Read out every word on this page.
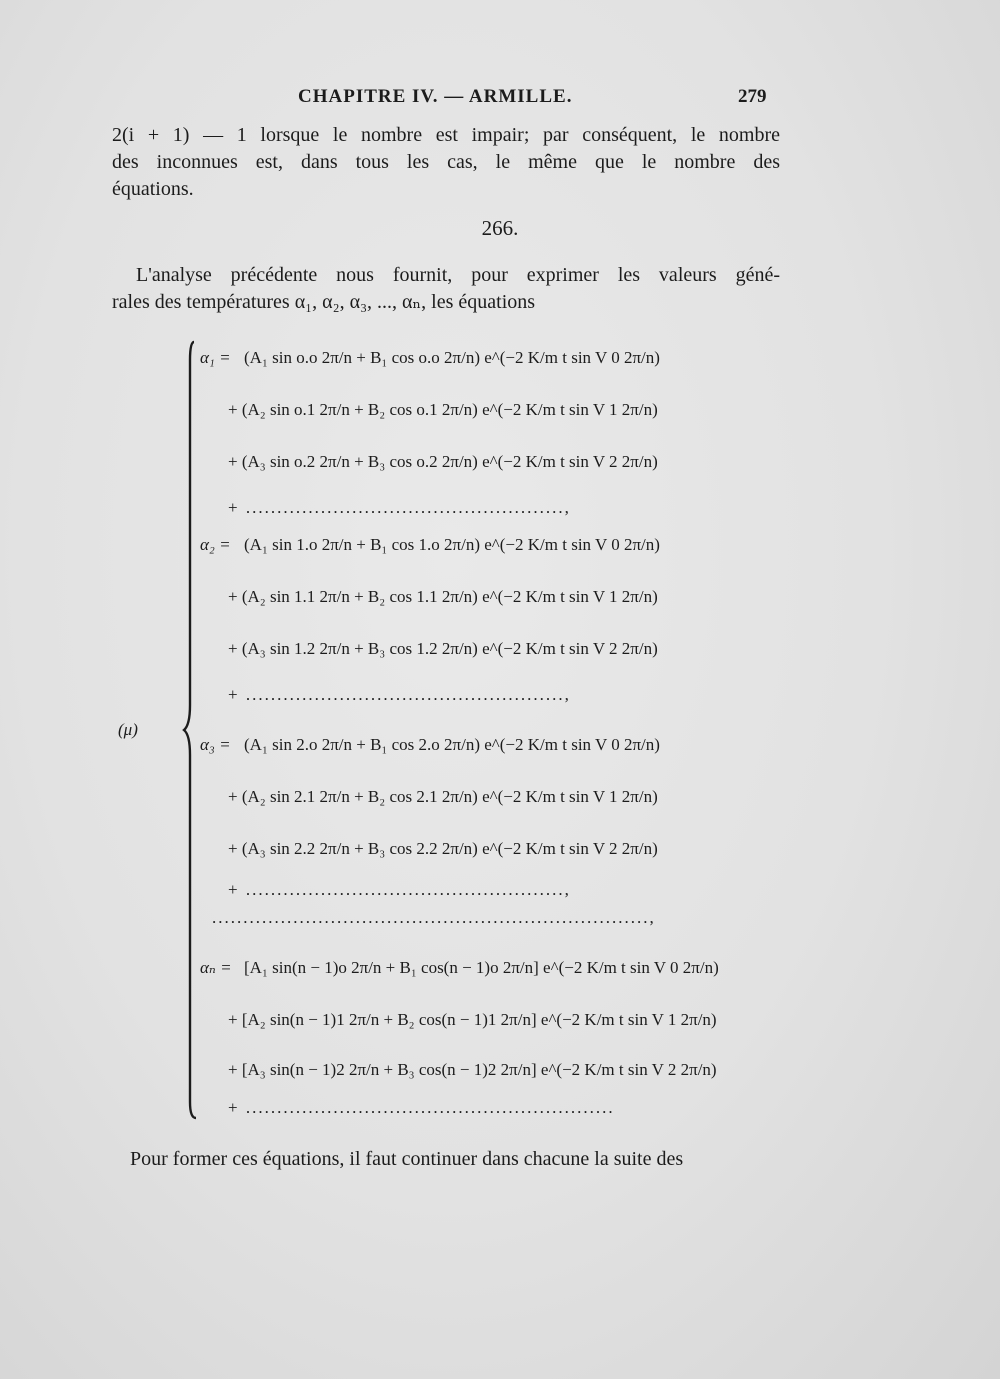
CHAPITRE IV. — ARMILLE.	279
2(i + 1) — 1 lorsque le nombre est impair; par conséquent, le nombre
des inconnues est, dans tous les cas, le même que le nombre des
équations.
266.
L'analyse précédente nous fournit, pour exprimer les valeurs géné-
rales des températures α₁, α₂, α₃, ..., αₙ, les équations
(μ)
α₁ = (A₁ sin o.o 2π/n + B₁ cos o.o 2π/n) e^(−2 K/m t sin V 0 2π/n)
+ (A₂ sin o.1 2π/n + B₂ cos o.1 2π/n) e^(−2 K/m t sin V 1 2π/n)
+ (A₃ sin o.2 2π/n + B₃ cos o.2 2π/n) e^(−2 K/m t sin V 2 2π/n)
+ ...................................................,
α₂ = (A₁ sin 1.o 2π/n + B₁ cos 1.o 2π/n) e^(−2 K/m t sin V 0 2π/n)
+ (A₂ sin 1.1 2π/n + B₂ cos 1.1 2π/n) e^(−2 K/m t sin V 1 2π/n)
+ (A₃ sin 1.2 2π/n + B₃ cos 1.2 2π/n) e^(−2 K/m t sin V 2 2π/n)
+ ...................................................,
α₃ = (A₁ sin 2.o 2π/n + B₁ cos 2.o 2π/n) e^(−2 K/m t sin V 0 2π/n)
+ (A₂ sin 2.1 2π/n + B₂ cos 2.1 2π/n) e^(−2 K/m t sin V 1 2π/n)
+ (A₃ sin 2.2 2π/n + B₃ cos 2.2 2π/n) e^(−2 K/m t sin V 2 2π/n)
+ ...................................................,
......................................................................,
αₙ = [A₁ sin(n − 1)o 2π/n + B₁ cos(n − 1)o 2π/n] e^(−2 K/m t sin V 0 2π/n)
+ [A₂ sin(n − 1)1 2π/n + B₂ cos(n − 1)1 2π/n] e^(−2 K/m t sin V 1 2π/n)
+ [A₃ sin(n − 1)2 2π/n + B₃ cos(n − 1)2 2π/n] e^(−2 K/m t sin V 2 2π/n)
+ ...........................................................
Pour former ces équations, il faut continuer dans chacune la suite des
